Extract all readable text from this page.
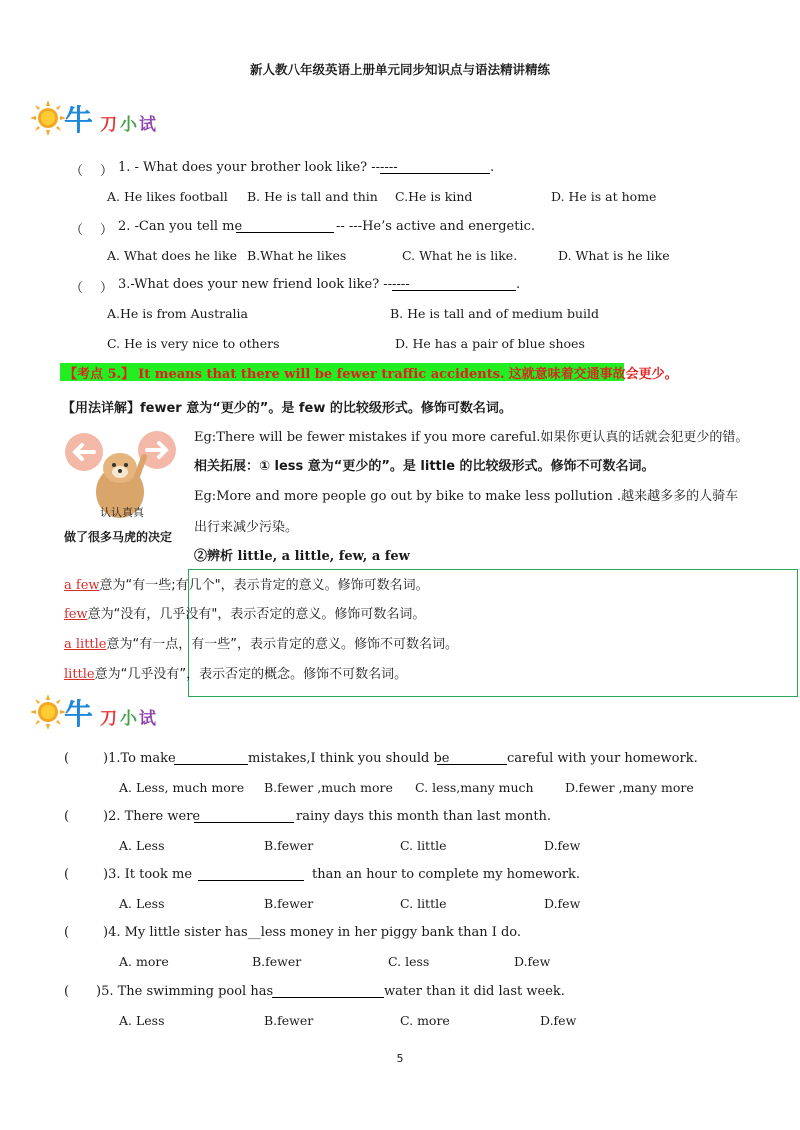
新人教八年级英语上册单元同步知识点与语法精讲精练
牛 刀 小 试
（ ） 1. - What does your brother look like? ------	.
A. He likes football B. He is tall and thin C.He is kind	D. He is at home
（ ） 2. -Can you tell me	-- ---He’s active and energetic.
A. What does he like B.What he likes	C. What he is like.	D. What is he like
（ ） 3.-What does your new friend look like? ------	.
A.He is from Australia	B. He is tall and of medium build
C. He is very nice to others	D. He has a pair of blue shoes
【考点 5.】 It means that there will be fewer traffic accidents. 这就意味着交通事故会更少。
【用法详解】fewer 意为“更少的”。是 few 的比较级形式。修饰可数名词。
认认真真
做了很多马虎的决定
Eg:There will be fewer mistakes if you more careful.如果你更认真的话就会犯更少的错。
相关拓展：① less 意为“更少的”。是 little 的比较级形式。修饰不可数名词。
Eg:More and more people go out by bike to make less pollution .越来越多多的人骑车
出行来减少污染。
②辨析 little, a little, few, a few
a few意为“有一些;有几个"，表示肯定的意义。修饰可数名词。
few意为“没有，几乎没有"，表示否定的意义。修饰可数名词。
a little意为“有一点，有一些”，表示肯定的意义。修饰不可数名词。
little意为“几乎没有”，表示否定的概念。修饰不可数名词。
牛 刀 小 试
(	)1.To make	mistakes,I think you should be	careful with your homework.
A. Less, much more B.fewer ,much more C. less,many much	D.fewer ,many more
(	)2. There were	rainy days this month than last month.
A. Less	B.fewer	C. little	D.few
(	)3. It took me	than an hour to complete my homework.
A. Less	B.fewer	C. little	D.few
(	)4. My little sister has__less money in her piggy bank than I do.
A. more	B.fewer	C. less	D.few
( )5. The swimming pool has	water than it did last week.
A. Less	B.fewer	C. more	D.few
5
